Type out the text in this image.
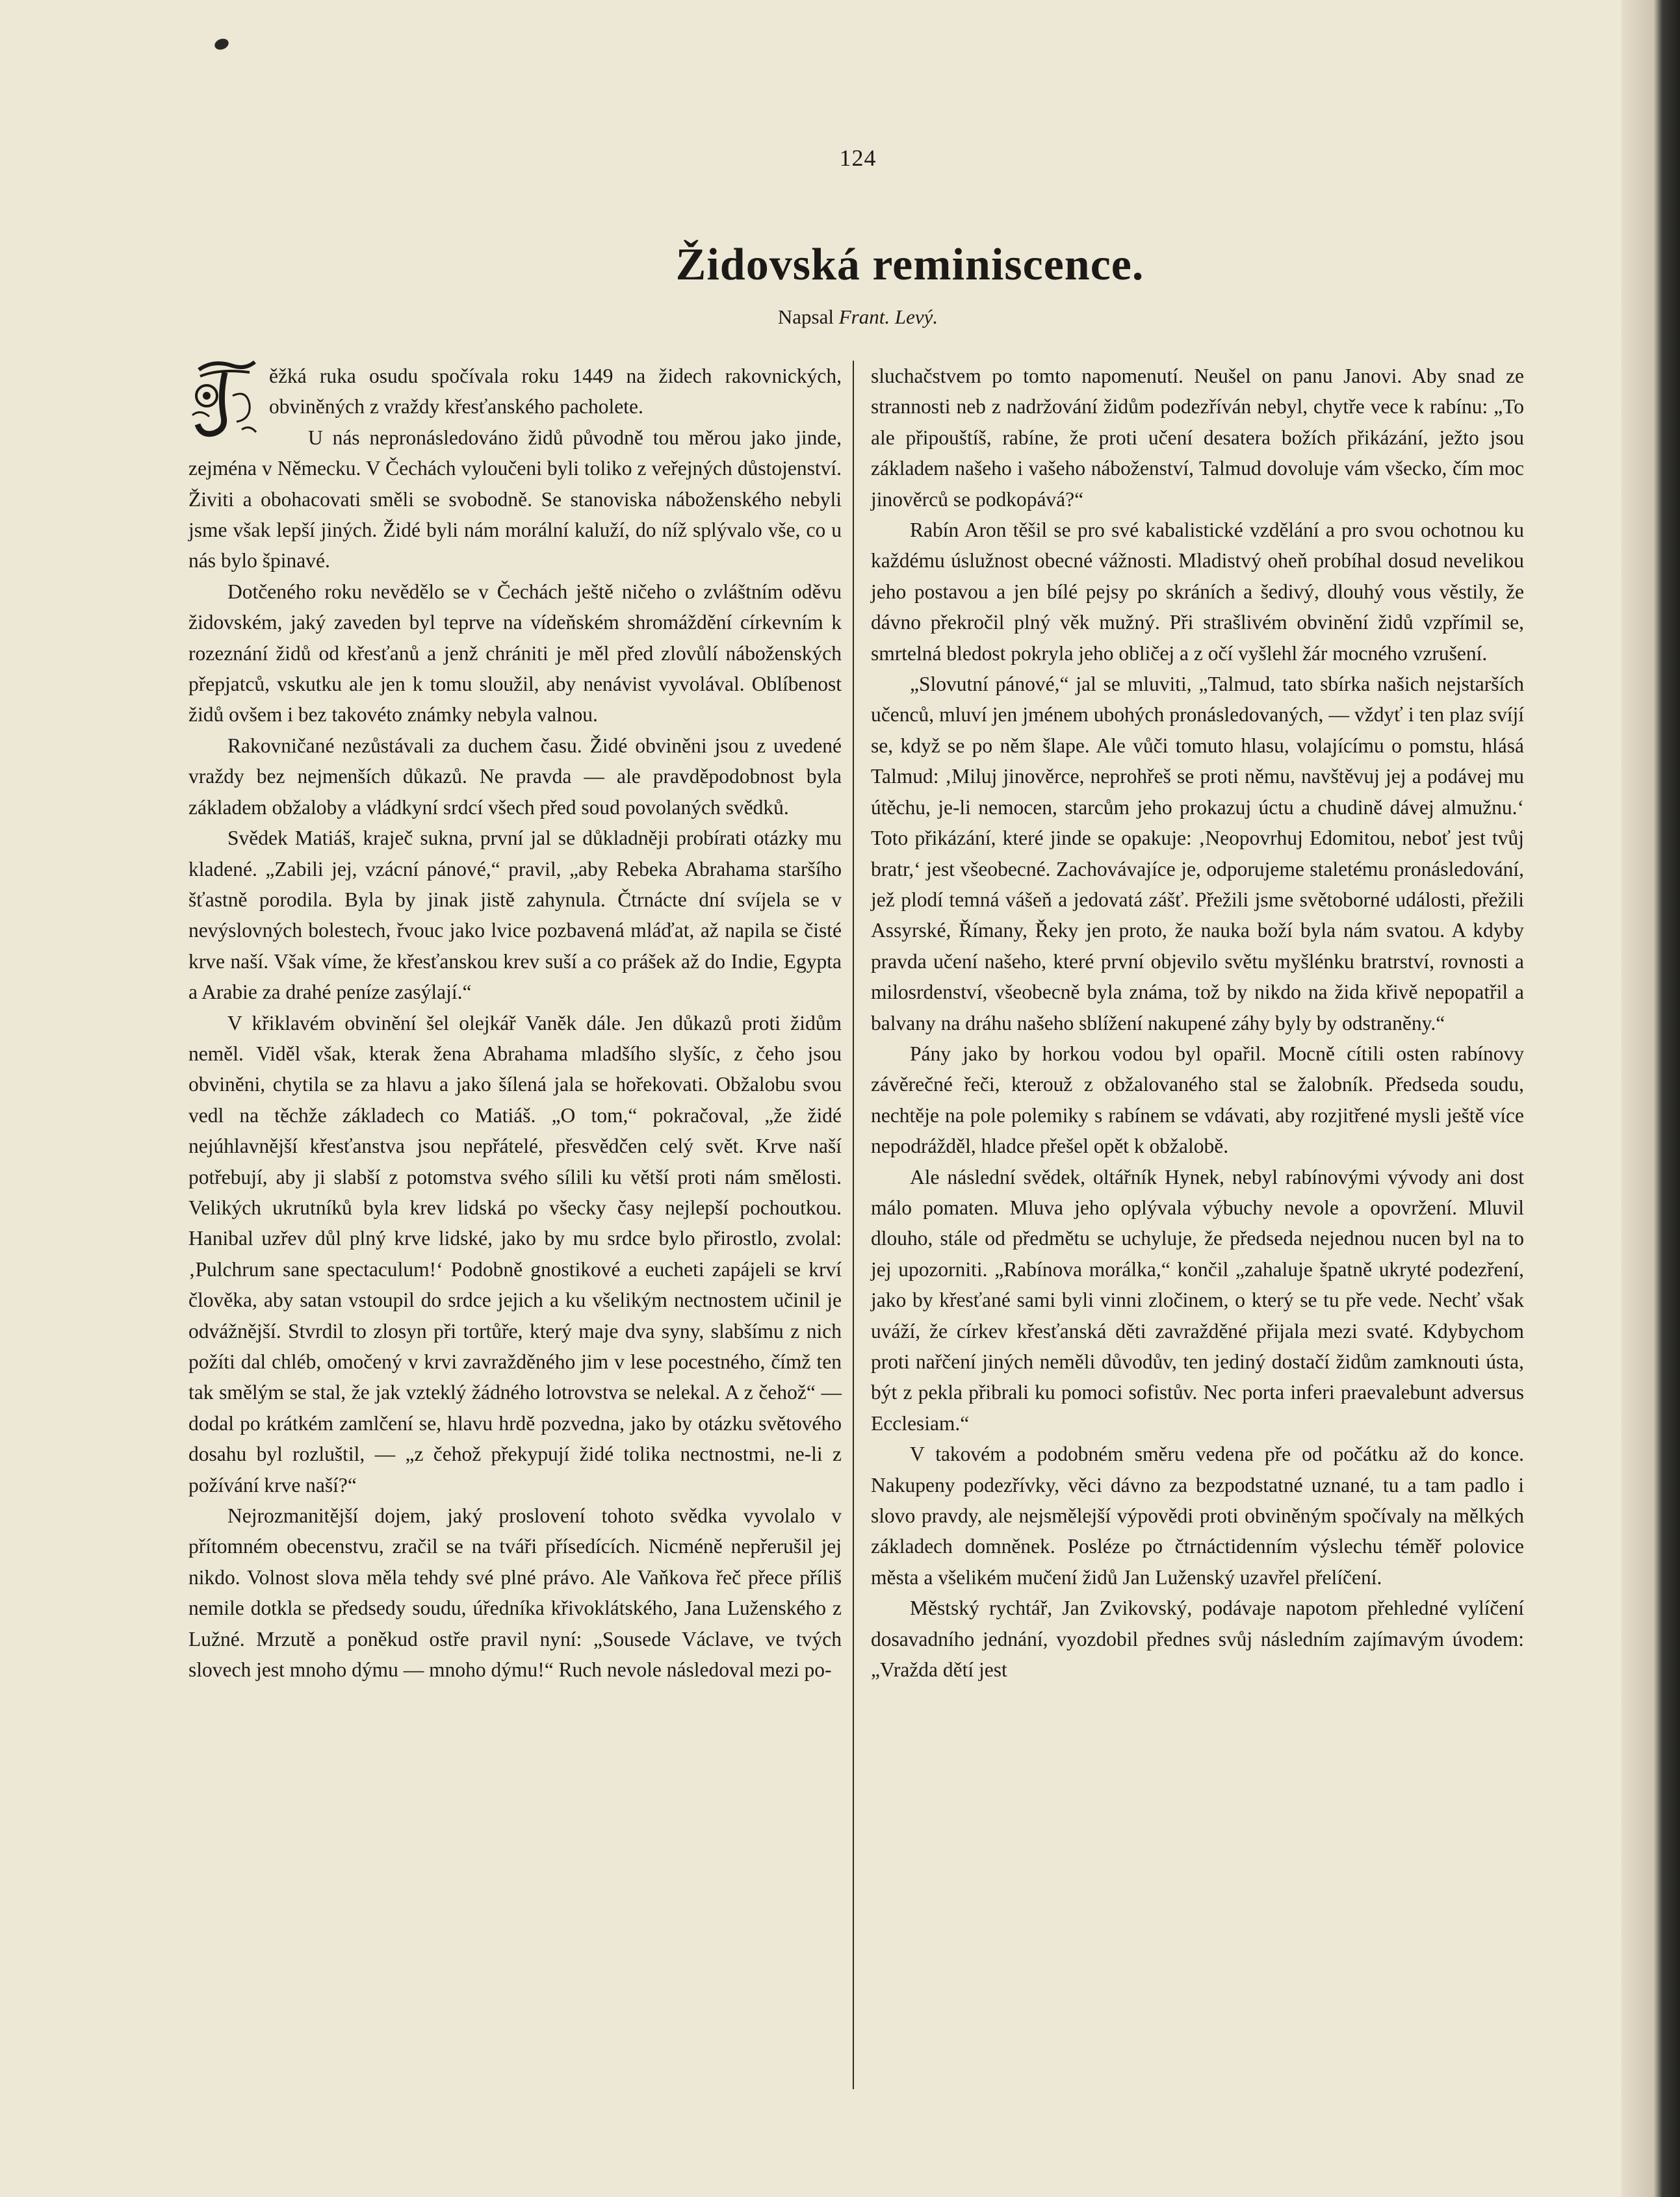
124
Židovská reminiscence.
Napsal Frant. Levý.

ěžká ruka osudu spočívala roku 1449 na židech rakovnických, obviněných z vraždy křesťanského pacholete.

U nás nepronásledováno židů původně tou měrou jako jinde, zejména v Německu. V Čechách vyloučeni byli toliko z veřejných důstojenství. Živiti a obohacovati směli se svobodně. Se stanoviska náboženského nebyli jsme však lepší jiných. Židé byli nám morální kaluží, do níž splývalo vše, co u nás bylo špinavé.

Dotčeného roku nevědělo se v Čechách ještě ničeho o zvláštním oděvu židovském, jaký zaveden byl teprve na vídeňském shromáždění církevním k rozeznání židů od křesťanů a jenž chrániti je měl před zlovůlí náboženských přepjatců, vskutku ale jen k tomu sloužil, aby nenávist vyvolával. Oblíbenost židů ovšem i bez takovéto známky nebyla valnou.

Rakovničané nezůstávali za duchem času. Židé obviněni jsou z uvedené vraždy bez nejmenších důkazů. Ne pravda — ale pravděpodobnost byla základem obžaloby a vládkyní srdcí všech před soud povolaných svědků.

Svědek Matiáš, kraječ sukna, první jal se důkladněji probírati otázky mu kladené. „Zabili jej, vzácní pánové,“ pravil, „aby Rebeka Abrahama staršího šťastně porodila. Byla by jinak jistě zahynula. Čtrnácte dní svíjela se v nevýslovných bolestech, řvouc jako lvice pozbavená mláďat, až napila se čisté krve naší. Však víme, že křesťanskou krev suší a co prášek až do Indie, Egypta a Arabie za drahé peníze zasýlají.“

V křiklavém obvinění šel olejkář Vaněk dále. Jen důkazů proti židům neměl. Viděl však, kterak žena Abrahama mladšího slyšíc, z čeho jsou obviněni, chytila se za hlavu a jako šílená jala se hořekovati. Obžalobu svou vedl na těchže základech co Matiáš. „O tom,“ pokračoval, „že židé nejúhlavnější křesťanstva jsou nepřátelé, přesvědčen celý svět. Krve naší potřebují, aby ji slabší z potomstva svého sílili ku větší proti nám smělosti. Velikých ukrutníků byla krev lidská po všecky časy nejlepší pochoutkou. Hanibal uzřev důl plný krve lidské, jako by mu srdce bylo přirostlo, zvolal: ‚Pulchrum sane spectaculum!‘ Podobně gnostikové a eucheti zapájeli se krví člověka, aby satan vstoupil do srdce jejich a ku všelikým nectnostem učinil je odvážnější. Stvrdil to zlosyn při tortůře, který maje dva syny, slabšímu z nich požíti dal chléb, omočený v krvi zavražděného jim v lese pocestného, čímž ten tak smělým se stal, že jak vzteklý žádného lotrovstva se nelekal. A z čehož“ — dodal po krátkém zamlčení se, hlavu hrdě pozvedna, jako by otázku světového dosahu byl rozluštil, — „z čehož překypují židé tolika nectnostmi, ne-li z požívání krve naší?“

Nejrozmanitější dojem, jaký proslovení tohoto svědka vyvolalo v přítomném obecenstvu, zračil se na tváři přísedících. Nicméně nepřerušil jej nikdo. Volnost slova měla tehdy své plné právo. Ale Vaňkova řeč přece příliš nemile dotkla se předsedy soudu, úředníka křivoklátského, Jana Luženského z Lužné. Mrzutě a poněkud ostře pravil nyní: „Sousede Václave, ve tvých slovech jest mnoho dýmu — mnoho dýmu!“ Ruch nevole následoval mezi po-

sluchačstvem po tomto napomenutí. Neušel on panu Janovi. Aby snad ze strannosti neb z nadržování židům podezříván nebyl, chytře vece k rabínu: „To ale připouštíš, rabíne, že proti učení desatera božích přikázání, ježto jsou základem našeho i vašeho náboženství, Talmud dovoluje vám všecko, čím moc jinověrců se podkopává?“

Rabín Aron těšil se pro své kabalistické vzdělání a pro svou ochotnou ku každému úslužnost obecné vážnosti. Mladistvý oheň probíhal dosud nevelikou jeho postavou a jen bílé pejsy po skráních a šedivý, dlouhý vous věstily, že dávno překročil plný věk mužný. Při strašlivém obvinění židů vzpřímil se, smrtelná bledost pokryla jeho obličej a z očí vyšlehl žár mocného vzrušení.

„Slovutní pánové,“ jal se mluviti, „Talmud, tato sbírka našich nejstarších učenců, mluví jen jménem ubohých pronásledovaných, — vždyť i ten plaz svíjí se, když se po něm šlape. Ale vůči tomuto hlasu, volajícímu o pomstu, hlásá Talmud: ‚Miluj jinověrce, neprohřeš se proti němu, navštěvuj jej a podávej mu útěchu, je-li nemocen, starcům jeho prokazuj úctu a chudině dávej almužnu.‘ Toto přikázání, které jinde se opakuje: ‚Neopovrhuj Edomitou, neboť jest tvůj bratr,‘ jest všeobecné. Zachovávajíce je, odporujeme staletému pronásledování, jež plodí temná vášeň a jedovatá zášť. Přežili jsme světoborné události, přežili Assyrské, Římany, Řeky jen proto, že nauka boží byla nám svatou. A kdyby pravda učení našeho, které první objevilo světu myšlénku bratrství, rovnosti a milosrdenství, všeobecně byla známa, tož by nikdo na žida křivě nepopatřil a balvany na dráhu našeho sblížení nakupené záhy byly by odstraněny.“

Pány jako by horkou vodou byl opařil. Mocně cítili osten rabínovy závěrečné řeči, kterouž z obžalovaného stal se žalobník. Předseda soudu, nechtěje na pole polemiky s rabínem se vdávati, aby rozjitřené mysli ještě více nepodrážděl, hladce přešel opět k obžalobě.

Ale následní svědek, oltářník Hynek, nebyl rabínovými vývody ani dost málo pomaten. Mluva jeho oplývala výbuchy nevole a opovržení. Mluvil dlouho, stále od předmětu se uchyluje, že předseda nejednou nucen byl na to jej upozorniti. „Rabínova morálka,“ končil „zahaluje špatně ukryté podezření, jako by křesťané sami byli vinni zločinem, o který se tu pře vede. Nechť však uváží, že církev křesťanská děti zavražděné přijala mezi svaté. Kdybychom proti nařčení jiných neměli důvodův, ten jediný dostačí židům zamknouti ústa, být z pekla přibrali ku pomoci sofistův. Nec porta inferi praevalebunt adversus Ecclesiam.“

V takovém a podobném směru vedena pře od počátku až do konce. Nakupeny podezřívky, věci dávno za bezpodstatné uznané, tu a tam padlo i slovo pravdy, ale nejsmělejší výpovědi proti obviněným spočívaly na mělkých základech domněnek. Posléze po čtrnáctidenním výslechu téměř polovice města a všelikém mučení židů Jan Luženský uzavřel přelíčení.

Městský rychtář, Jan Zvikovský, podávaje napotom přehledné vylíčení dosavadního jednání, vyozdobil přednes svůj následním zajímavým úvodem: „Vražda dětí jest
